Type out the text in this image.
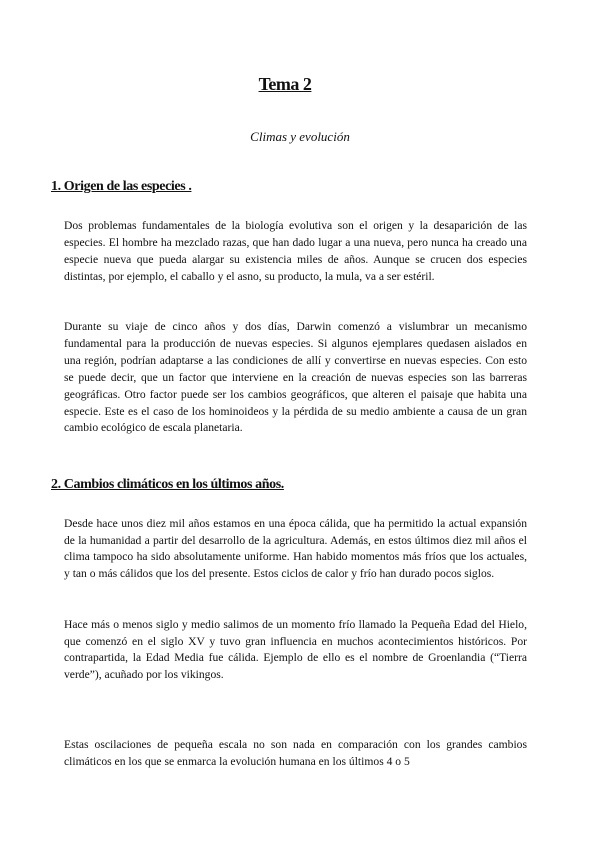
Tema 2
Climas y evolución
1. Origen de las especies .

Dos problemas fundamentales de la biología evolutiva son el origen y la desaparición de las especies. El hombre ha mezclado razas, que han dado lugar a una nueva, pero nunca ha creado una especie nueva que pueda alargar su existencia miles de años. Aunque se crucen dos especies distintas, por ejemplo, el caballo y el asno, su producto, la mula, va a ser estéril.

Durante su viaje de cinco años y dos días, Darwin comenzó a vislumbrar un mecanismo fundamental para la producción de nuevas especies. Si algunos ejemplares quedasen aislados en una región, podrían adaptarse a las condiciones de allí y convertirse en nuevas especies. Con esto se puede decir, que un factor que interviene en la creación de nuevas especies son las barreras geográficas. Otro factor puede ser los cambios geográficos, que alteren el paisaje que habita una especie. Este es el caso de los hominoideos y la pérdida de su medio ambiente a causa de un gran cambio ecológico de escala planetaria.

2. Cambios climáticos en los últimos años.

Desde hace unos diez mil años estamos en una época cálida, que ha permitido la actual expansión de la humanidad a partir del desarrollo de la agricultura. Además, en estos últimos diez mil años el clima tampoco ha sido absolutamente uniforme. Han habido momentos más fríos que los actuales, y tan o más cálidos que los del presente. Estos ciclos de calor y frío han durado pocos siglos.

Hace más o menos siglo y medio salimos de un momento frío llamado la Pequeña Edad del Hielo, que comenzó en el siglo XV y tuvo gran influencia en muchos acontecimientos históricos. Por contrapartida, la Edad Media fue cálida. Ejemplo de ello es el nombre de Groenlandia (“Tierra verde”), acuñado por los vikingos.

Estas oscilaciones de pequeña escala no son nada en comparación con los grandes cambios climáticos en los que se enmarca la evolución humana en los últimos 4 o 5
